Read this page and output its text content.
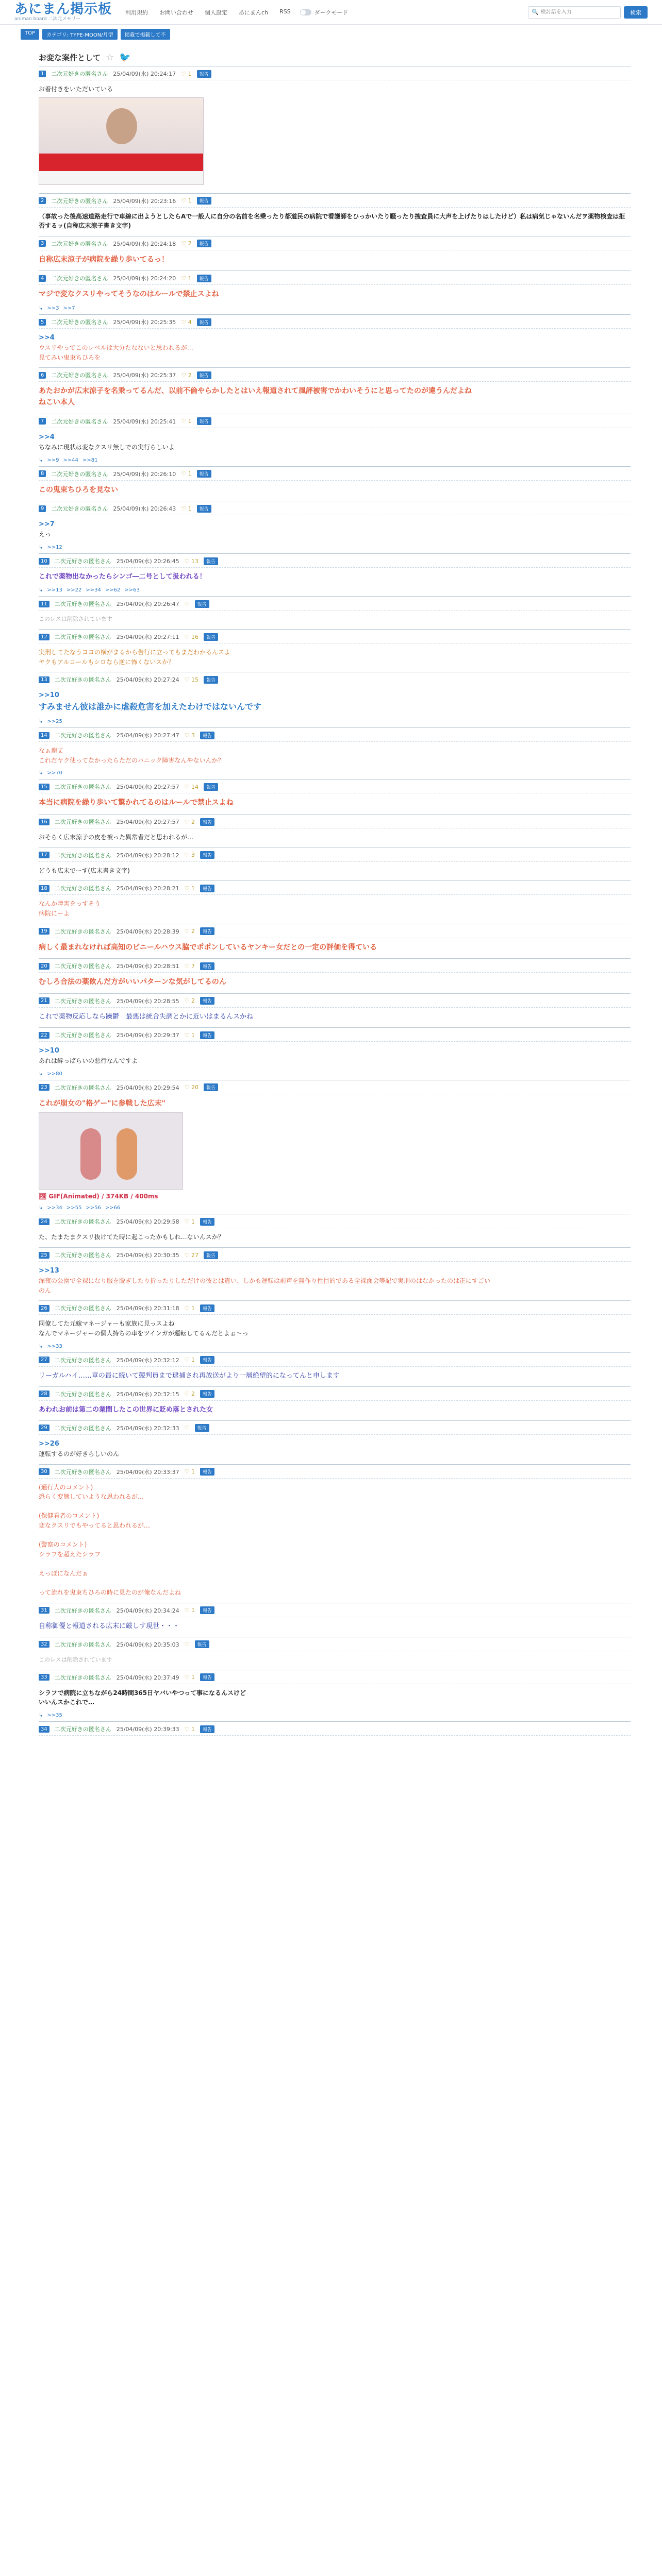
あにまん掲示板
animan board 二次元メモリー
利用規約 お問い合わせ 個人設定 あにまんch RSS	ダークモード	🔍
検討語を入力	検索
TOP	カテゴリ: TYPE-MOON/月型	掲載で掲載して不
お変な案件として ☆ 🐦
1	二次元好きの匿名さん 25/04/09(水) 20:24:17 ♡ 1	報告
お着付きをいただいている
2	二次元好きの匿名さん 25/04/09(水) 20:23:16 ♡ 1	報告
（事故った後高速道路走行で車線に出ようとしたらAで一般人に自分の名前を名乗ったり都道民の病院で看護師をひっかいたり騒ったり捜査員に大声を上げたりはしたけど）私は病気じゃないんだヲ薬物検査は拒否するッ(自称広末涼子書き文字)
3	二次元好きの匿名さん 25/04/09(水) 20:24:18 ♡ 2	報告
自称広末涼子が病院を繰り歩いてるっ！
4	二次元好きの匿名さん 25/04/09(水) 20:24:20 ♡ 1	報告
マジで変なクスリやってそうなのはルールで禁止スよね
↳ >>3 >>7
5	二次元好きの匿名さん 25/04/09(水) 20:25:35 ♡ 4	報告
>>4
ウスリやってこのレベルは大分たなないと思われるが…
見てみい鬼束ちひろを
6	二次元好きの匿名さん 25/04/09(水) 20:25:37 ♡ 2	報告
あたおかが広末涼子を名乗ってるんだ、以前不倫やらかしたとはいえ報道されて風評被害でかわいそうにと思ってたのが違うんだよね
ねこい本人
7	二次元好きの匿名さん 25/04/09(水) 20:25:41 ♡ 1	報告
>>4
ちなみに現状は変なクスリ無しでの実行らしいよ
↳ >>9 >>44 >>81
8	二次元好きの匿名さん 25/04/09(水) 20:26:10 ♡ 1	報告
この鬼束ちひろを見ない
9	二次元好きの匿名さん 25/04/09(水) 20:26:43 ♡ 1	報告
>>7
えっ
↳ >>12
10	二次元好きの匿名さん 25/04/09(水) 20:26:45 ♡ 13	報告
これで薬物出なかったらシンゴ―二号として扱われる！
↳ >>13 >>22 >>34 >>62 >>63
11	二次元好きの匿名さん 25/04/09(水) 20:26:47 ♡	報告
このレスは削除されています
12	二次元好きの匿名さん 25/04/09(水) 20:27:11 ♡ 16	報告
実刑してたなうヨヨの横がまるから告行に立ってもまだわかるんスよ
ヤクもアルコールもシロなら逆に怖くないスか？
13	二次元好きの匿名さん 25/04/09(水) 20:27:24 ♡ 15	報告
>>10
すみません彼は誰かに虐殺危害を加えたわけではないんです
↳ >>25
14	二次元好きの匿名さん 25/04/09(水) 20:27:47 ♡ 3	報告
なぁ鹿丈
これだヤク使ってなかったらただのパニック障害なんやないんか？
↳ >>70
15	二次元好きの匿名さん 25/04/09(水) 20:27:57 ♡ 14	報告
本当に病院を繰り歩いて驚かれてるのはルールで禁止スよね
16	二次元好きの匿名さん 25/04/09(水) 20:27:57 ♡ 2	報告
おそらく広末涼子の皮を被った異常者だと思われるが…
17	二次元好きの匿名さん 25/04/09(水) 20:28:12 ♡ 3	報告
どうも広末でーす(広末書き文字)
18	二次元好きの匿名さん 25/04/09(水) 20:28:21 ♡ 1	報告
なんか障害をっすそう
病院にーよ
19	二次元好きの匿名さん 25/04/09(水) 20:28:39 ♡ 2	報告
病しく最まれなければ高知のビニールハウス脇でポポンしているヤンキー女だとの一定の評価を得ている
20	二次元好きの匿名さん 25/04/09(水) 20:28:51 ♡ 7	報告
むしろ合法の薬飲んだ方がいいパターンな気がしてるのん
21	二次元好きの匿名さん 25/04/09(水) 20:28:55 ♡ 2	報告
これで薬物反応しなら躁鬱　最悪は統合失調とかに近いはまるんスかね
22	二次元好きの匿名さん 25/04/09(水) 20:29:37 ♡ 1	報告
>>10
あれは酔っぱらいの悪行なんですよ
↳ >>80
23	二次元好きの匿名さん 25/04/09(水) 20:29:54 ♡ 20	報告
これが崩女の"格ゲー"に参戦した広末"
🖼 GIF(Animated) / 374KB / 400ms
↳ >>34 >>55 >>56 >>66
24	二次元好きの匿名さん 25/04/09(水) 20:29:58 ♡ 1	報告
た、たまたまクスリ抜けてた時に起こったかもしれ…ないんスか？
25	二次元好きの匿名さん 25/04/09(水) 20:30:35 ♡ 27	報告
>>13
深夜の公園で全裸になり服を脱ぎしたり折ったりしただけの彼とは違い、しかも運転は前声を無作り性目的である全裸面会等記で実刑のはなかったのは正にすごい
のん
26	二次元好きの匿名さん 25/04/09(水) 20:31:18 ♡ 1	報告
同僚してた元嫁マネージャーも家族に見っスよね
なんでマネージャーの個人持ちの車をツインガが運転してるんだとよぉ～っ
↳ >>33
27	二次元好きの匿名さん 25/04/09(水) 20:32:12 ♡ 1	報告
リーガルハイ……章の最に続いて競判員まで逮捕され再放送がより一層絶望的になってんと申します
28	二次元好きの匿名さん 25/04/09(水) 20:32:15 ♡ 2	報告
あわれお前は第二の業間したこの世界に貶め落とされた女
29	二次元好きの匿名さん 25/04/09(水) 20:32:33 ♡	報告
>>26
運転するのが好きらしいのん
30	二次元好きの匿名さん 25/04/09(水) 20:33:37 ♡ 1	報告
(通行人のコメント)
恐らく変態していような思われるが…

(保健看者のコメント)
変なクスリでもやってると思われるが…

(警察のコメント)
シラフを超えたシラフ

えっぽになんだぁ

って流れを鬼束ちひろの時に見たのが俺なんだよね
31	二次元好きの匿名さん 25/04/09(水) 20:34:24 ♡ 1	報告
自称御優と報道される広末に厳しす現世・・・
32	二次元好きの匿名さん 25/04/09(水) 20:35:03 ♡	報告
このレスは削除されています
33	二次元好きの匿名さん 25/04/09(水) 20:37:49 ♡ 1	報告
シラフで病院に立ちながら24時間365日ヤバいやつって事になるんスけど
いいんスかこれで…
↳ >>35
34	二次元好きの匿名さん 25/04/09(水) 20:39:33 ♡ 1	報告
